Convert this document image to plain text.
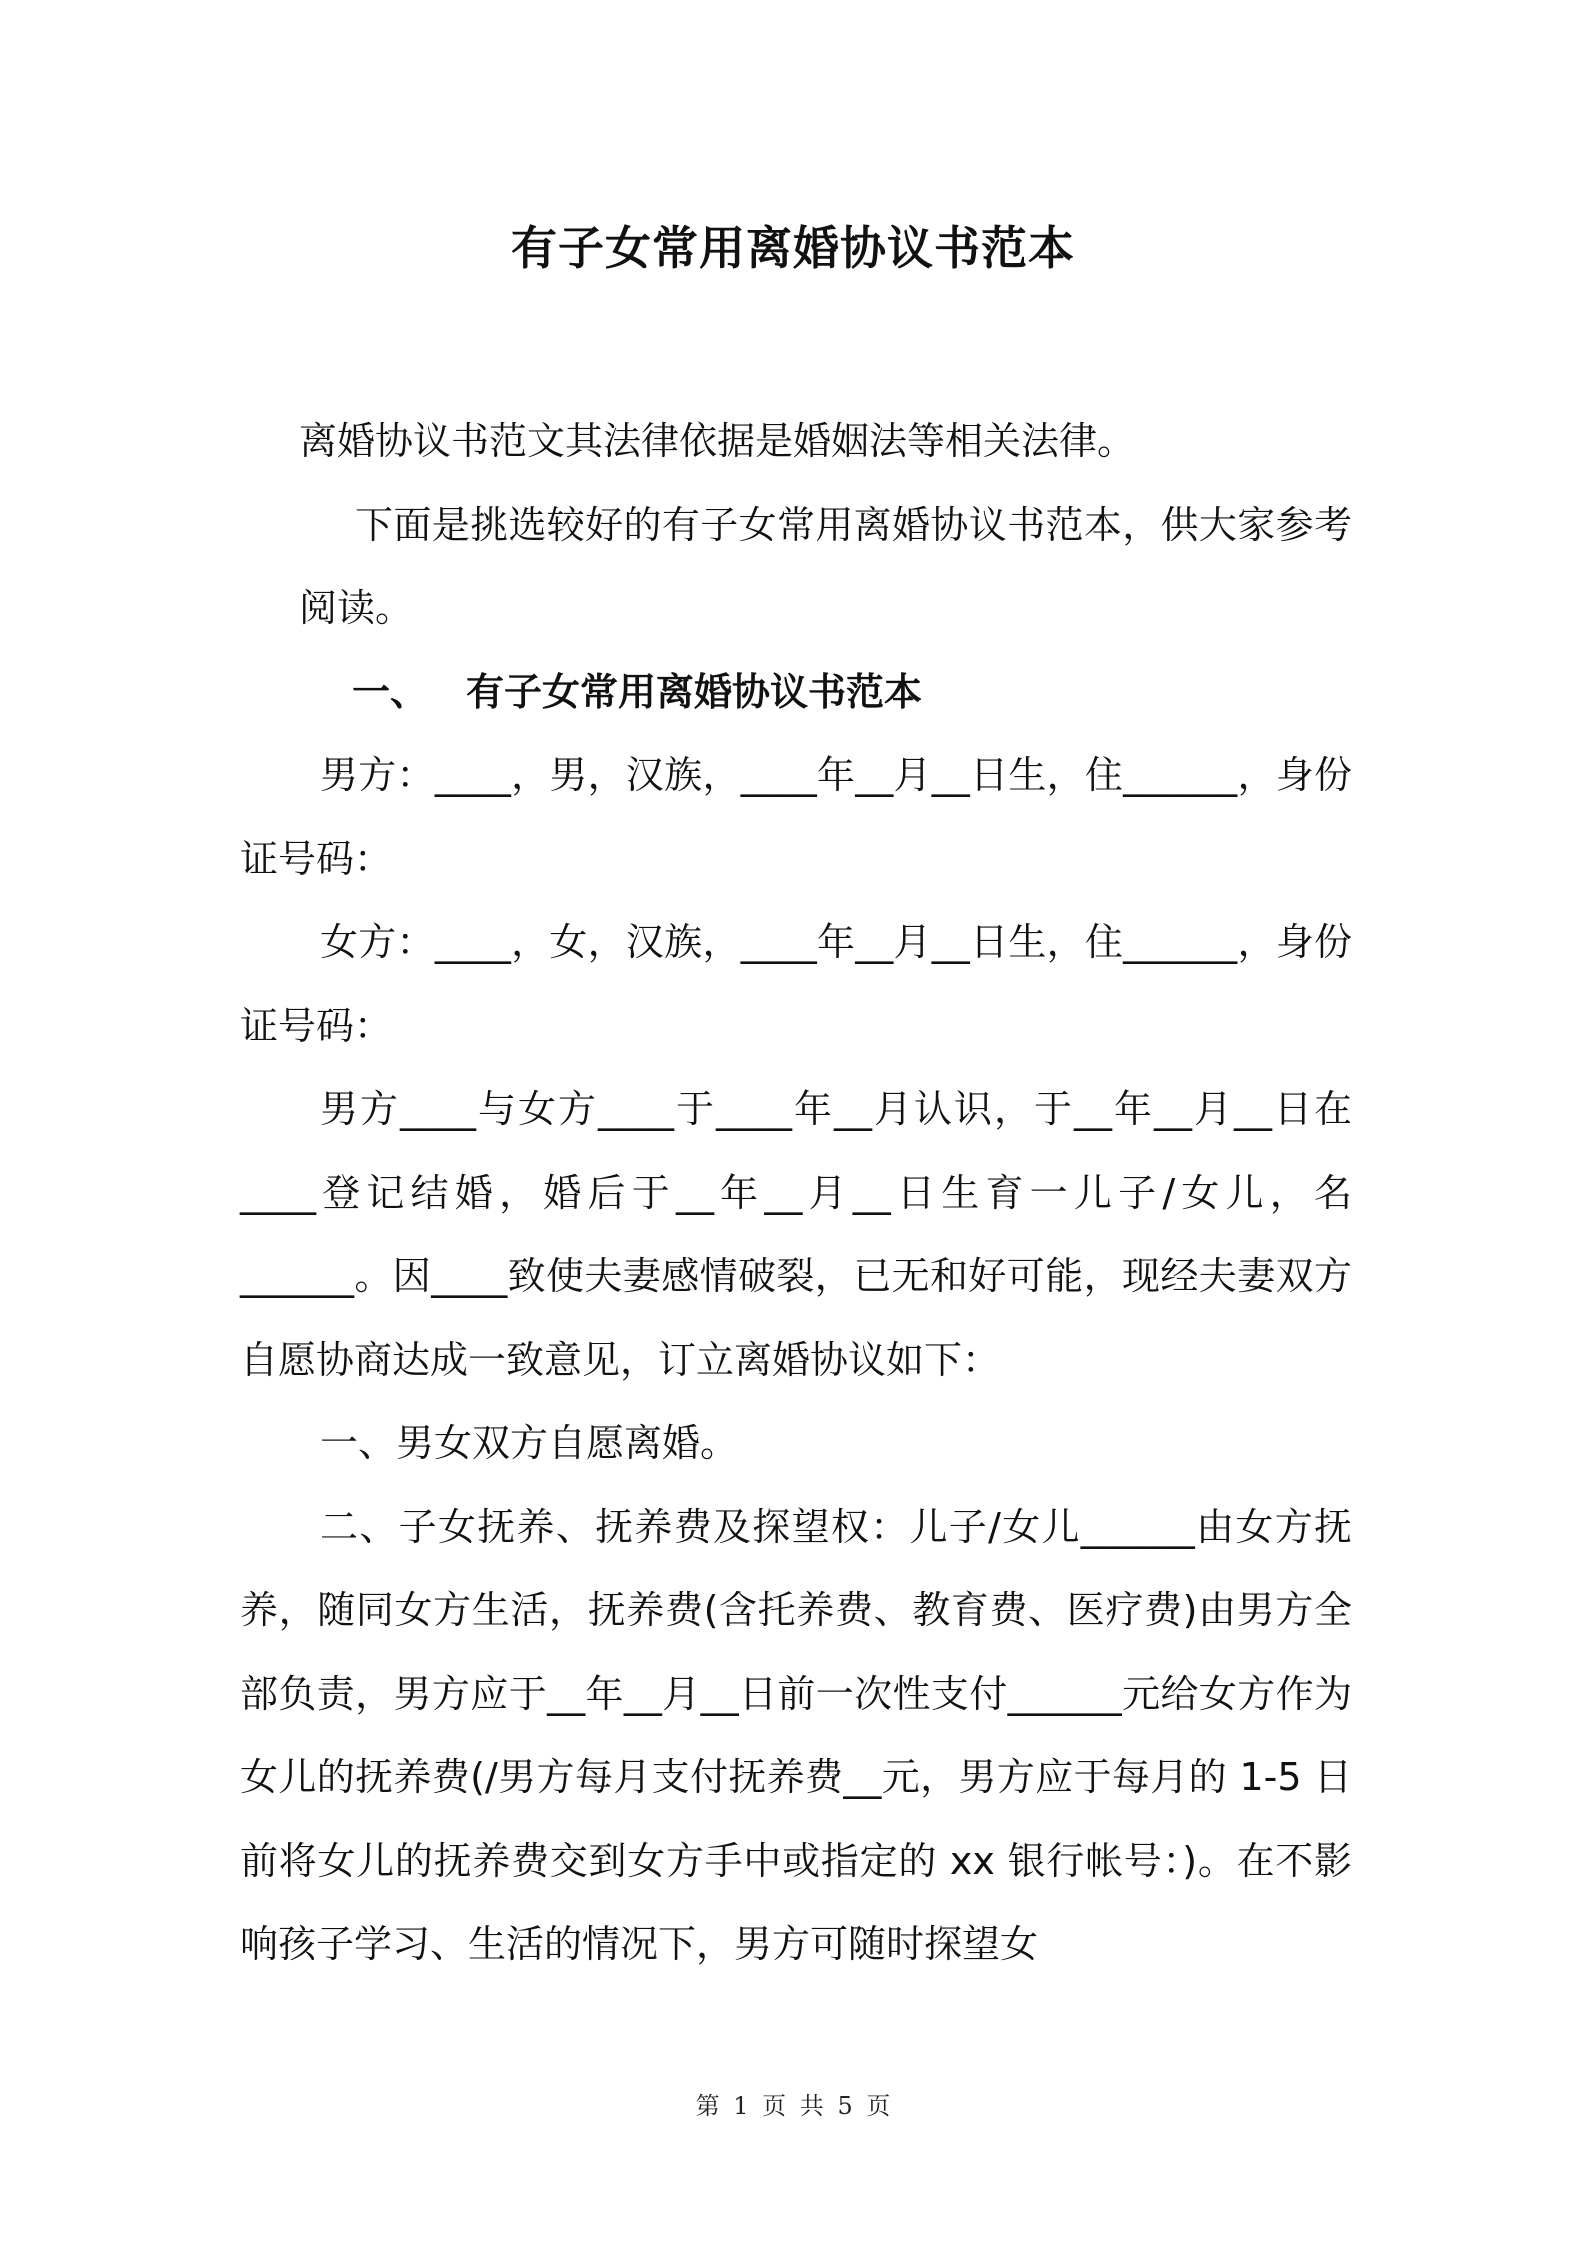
有子女常用离婚协议书范本

离婚协议书范文其法律依据是婚姻法等相关法律。

下面是挑选较好的有子女常用离婚协议书范本，供大家参考阅读。

一、 有子女常用离婚协议书范本

男方：____，男，汉族，____年__月__日生，住______，身份证号码：

女方：____，女，汉族，____年__月__日生，住______，身份证号码：

男方____与女方____于____年__月认识，于__年__月__日在____登记结婚，婚后于__年__月__日生育一儿子/女儿，名______。因____致使夫妻感情破裂，已无和好可能，现经夫妻双方自愿协商达成一致意见，订立离婚协议如下：

一、男女双方自愿离婚。

二、子女抚养、抚养费及探望权：儿子/女儿______由女方抚养，随同女方生活，抚养费(含托养费、教育费、医疗费)由男方全部负责，男方应于__年__月__日前一次性支付______元给女方作为女儿的抚养费(/男方每月支付抚养费__元，男方应于每月的 1-5 日前将女儿的抚养费交到女方手中或指定的 xx 银行帐号：)。在不影响孩子学习、生活的情况下，男方可随时探望女

第 1 页 共 5 页
